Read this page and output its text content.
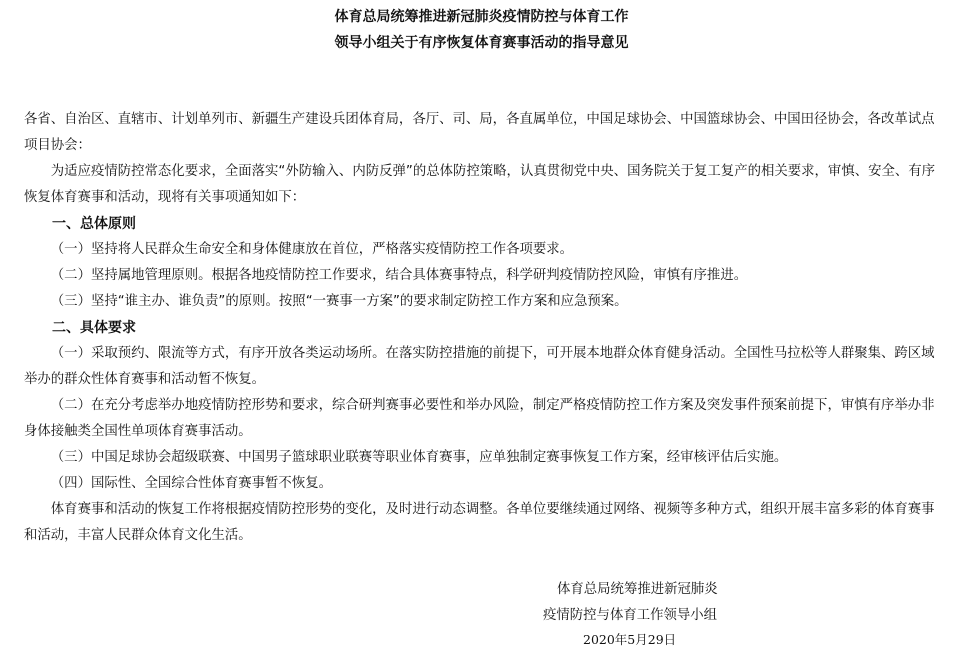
体育总局统筹推进新冠肺炎疫情防控与体育工作
领导小组关于有序恢复体育赛事活动的指导意见

各省、自治区、直辖市、计划单列市、新疆生产建设兵团体育局，各厅、司、局，各直属单位，中国足球协会、中国篮球协会、中国田径协会，各改革试点项目协会：

为适应疫情防控常态化要求，全面落实“外防输入、内防反弹”的总体防控策略，认真贯彻党中央、国务院关于复工复产的相关要求，审慎、安全、有序恢复体育赛事和活动，现将有关事项通知如下：

一、总体原则

（一）坚持将人民群众生命安全和身体健康放在首位，严格落实疫情防控工作各项要求。

（二）坚持属地管理原则。根据各地疫情防控工作要求，结合具体赛事特点，科学研判疫情防控风险，审慎有序推进。

（三）坚持“谁主办、谁负责”的原则。按照“一赛事一方案”的要求制定防控工作方案和应急预案。

二、具体要求

（一）采取预约、限流等方式，有序开放各类运动场所。在落实防控措施的前提下，可开展本地群众体育健身活动。全国性马拉松等人群聚集、跨区域举办的群众性体育赛事和活动暂不恢复。

（二）在充分考虑举办地疫情防控形势和要求，综合研判赛事必要性和举办风险，制定严格疫情防控工作方案及突发事件预案前提下，审慎有序举办非身体接触类全国性单项体育赛事活动。

（三）中国足球协会超级联赛、中国男子篮球职业联赛等职业体育赛事，应单独制定赛事恢复工作方案，经审核评估后实施。

（四）国际性、全国综合性体育赛事暂不恢复。

体育赛事和活动的恢复工作将根据疫情防控形势的变化，及时进行动态调整。各单位要继续通过网络、视频等多种方式，组织开展丰富多彩的体育赛事和活动，丰富人民群众体育文化生活。

体育总局统筹推进新冠肺炎
疫情防控与体育工作领导小组
2020年5月29日
